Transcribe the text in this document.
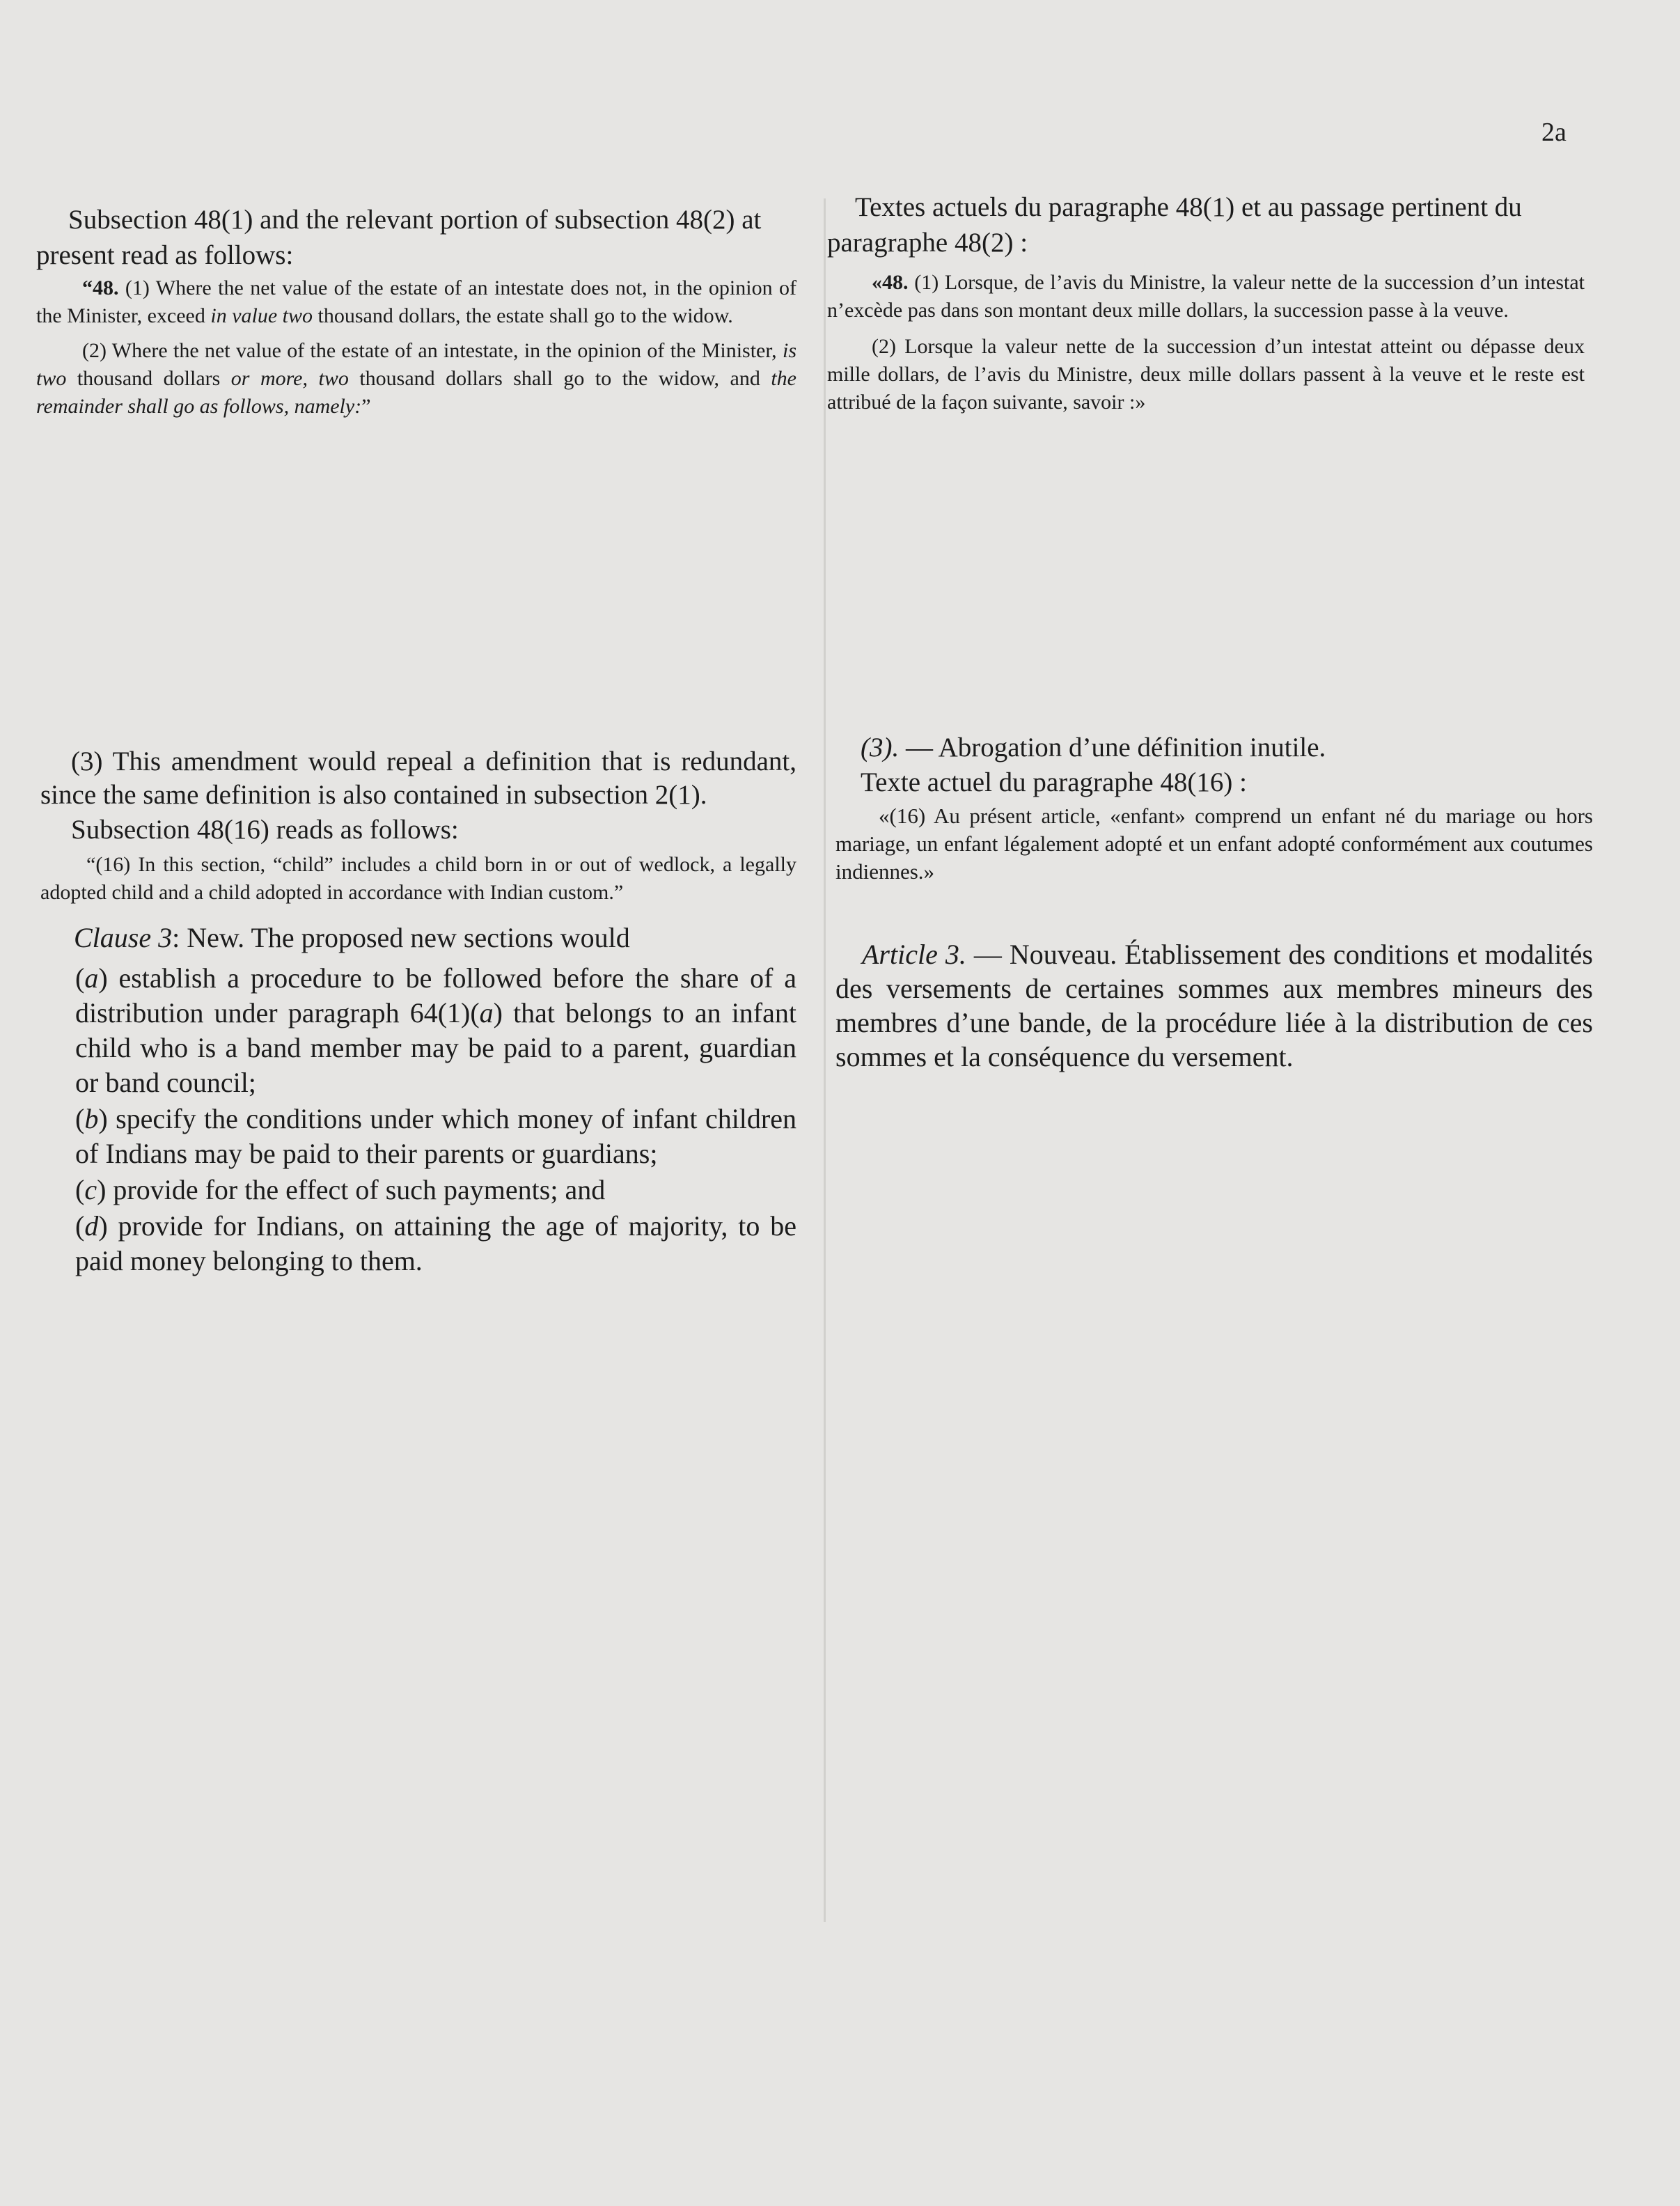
2a

Subsection 48(1) and the relevant portion of subsection 48(2) at present read as follows:

“48. (1) Where the net value of the estate of an intestate does not, in the opinion of the Minister, exceed in value two thousand dollars, the estate shall go to the widow.

(2) Where the net value of the estate of an intestate, in the opinion of the Minister, is two thousand dollars or more, two thousand dollars shall go to the widow, and the remainder shall go as follows, namely:”

(3) This amendment would repeal a definition that is redundant, since the same definition is also contained in subsection 2(1).

Subsection 48(16) reads as follows:

“(16) In this section, “child” includes a child born in or out of wedlock, a legally adopted child and a child adopted in accordance with Indian custom.”

Clause 3: New. The proposed new sections would

(a) establish a procedure to be followed before the share of a distribution under paragraph 64(1)(a) that belongs to an infant child who is a band member may be paid to a parent, guardian or band council;

(b) specify the conditions under which money of infant children of Indians may be paid to their parents or guardians;

(c) provide for the effect of such payments; and

(d) provide for Indians, on attaining the age of majority, to be paid money belonging to them.

Textes actuels du paragraphe 48(1) et au passage pertinent du paragraphe 48(2) :

«48. (1) Lorsque, de l’avis du Ministre, la valeur nette de la succession d’un intestat n’excède pas dans son montant deux mille dollars, la succession passe à la veuve.

(2) Lorsque la valeur nette de la succession d’un intestat atteint ou dépasse deux mille dollars, de l’avis du Ministre, deux mille dollars passent à la veuve et le reste est attribué de la façon suivante, savoir :»

(3). — Abrogation d’une définition inutile.

Texte actuel du paragraphe 48(16) :

«(16) Au présent article, «enfant» comprend un enfant né du mariage ou hors mariage, un enfant légalement adopté et un enfant adopté conformément aux coutumes indiennes.»

Article 3. — Nouveau. Établissement des conditions et modalités des versements de certaines sommes aux membres mineurs des membres d’une bande, de la procédure liée à la distribution de ces sommes et la conséquence du versement.
